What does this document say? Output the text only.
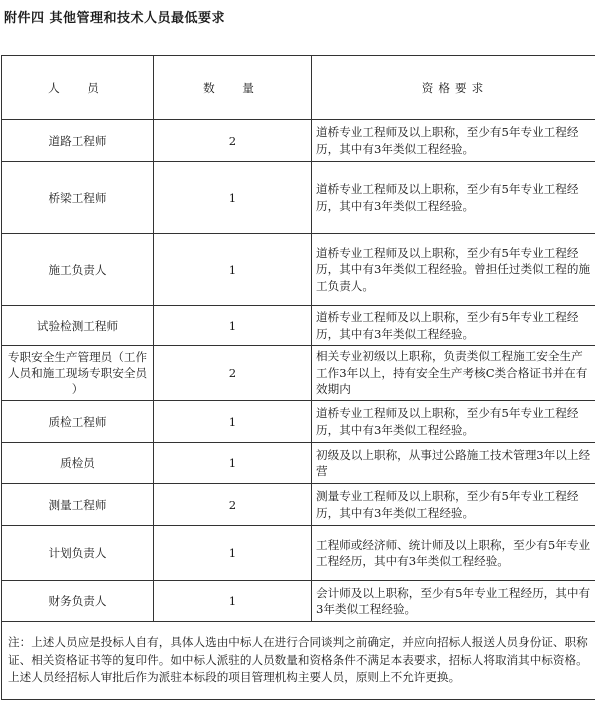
附件四 其他管理和技术人员最低要求
人　员	数　量	资格要求
道路工程师	2	道桥专业工程师及以上职称，至少有5年专业工程经历，其中有3年类似工程经验。

桥梁工程师	1	道桥专业工程师及以上职称，至少有5年专业工程经历，其中有3年类似工程经验。

施工负责人	1	道桥专业工程师及以上职称，至少有5年专业工程经历，其中有3年类似工程经验。曾担任过类似工程的施工负责人。

试验检测工程师	1	道桥专业工程师及以上职称，至少有5年专业工程经历，其中有3年类似工程经验。

专职安全生产管理员（工作人员和施工现场专职安全员 ）	2	相关专业初级以上职称，负责类似工程施工安全生产工作3年以上，持有安全生产考核C类合格证书并在有效期内

质检工程师	1	道桥专业工程师及以上职称，至少有5年专业工程经历，其中有3年类似工程经验。

质检员	1	初级及以上职称，从事过公路施工技术管理3年以上经营

测量工程师	2	测量专业工程师及以上职称，至少有5年专业工程经历，其中有3年类似工程经验。

计划负责人	1	工程师或经济师、统计师及以上职称，至少有5年专业工程经历，其中有3年类似工程经验。

财务负责人	1	会计师及以上职称，至少有5年专业工程经历，其中有3年类似工程经验。

注：上述人员应是投标人自有，具体人选由中标人在进行合同谈判之前确定，并应向招标人报送人员身份证、职称证、相关资格证书等的复印件。如中标人派驻的人员数量和资格条件不满足本表要求，招标人将取消其中标资格。上述人员经招标人审批后作为派驻本标段的项目管理机构主要人员，原则上不允许更换。		
